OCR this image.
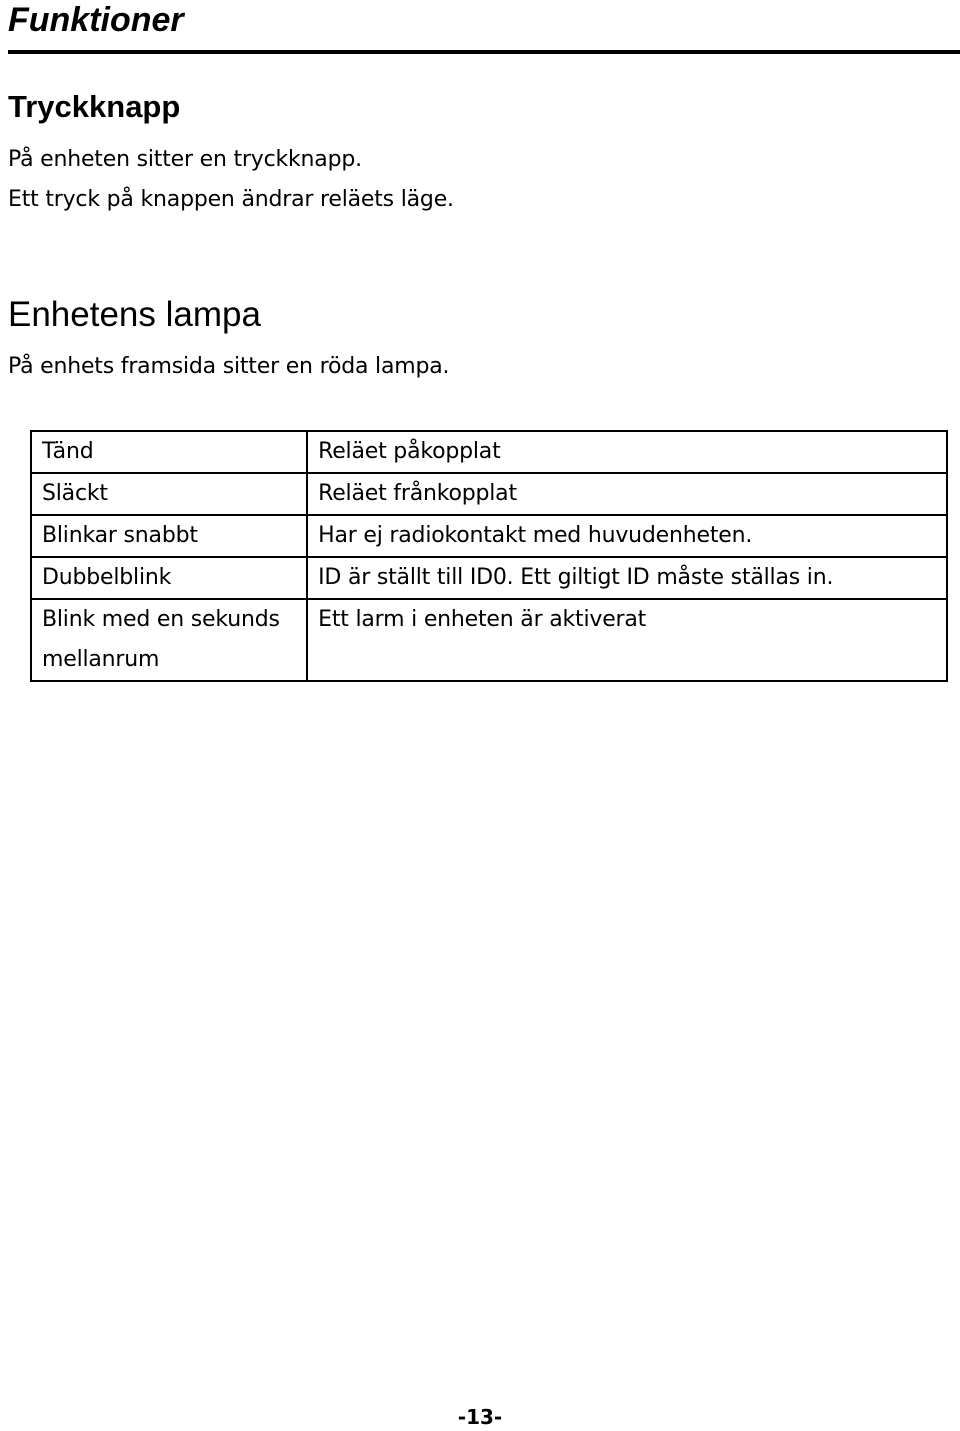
Funktioner
Tryckknapp

På enheten sitter en tryckknapp.

Ett tryck på knappen ändrar reläets läge.

Enhetens lampa

På enhets framsida sitter en röda lampa.

Tänd	Reläet påkopplat
Släckt	Reläet frånkopplat
Blinkar snabbt	Har ej radiokontakt med huvudenheten.
Dubbelblink	ID är ställt till ID0. Ett giltigt ID måste ställas in.
Blink med en sekunds mellanrum	Ett larm i enheten är aktiverat

-13-
